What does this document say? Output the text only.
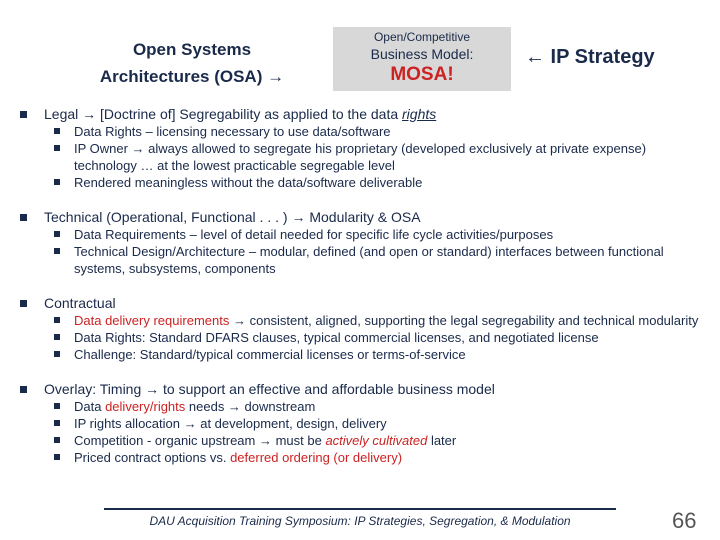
Open Systems
Architectures (OSA) →
Open/Competitive
Business Model:
MOSA!
← IP Strategy
Legal → [Doctrine of] Segregability as applied to the data rights
Data Rights – licensing necessary to use data/software
IP Owner → always allowed to segregate his proprietary (developed exclusively at private expense) technology … at the lowest practicable segregable level
Rendered meaningless without the data/software deliverable
Technical (Operational, Functional . . . ) → Modularity & OSA
Data Requirements – level of detail needed for specific life cycle activities/purposes
Technical Design/Architecture – modular, defined (and open or standard) interfaces between functional systems, subsystems, components
Contractual
Data delivery requirements → consistent, aligned, supporting the legal segregability and technical modularity
Data Rights: Standard DFARS clauses, typical commercial licenses, and negotiated license
Challenge: Standard/typical commercial licenses or terms-of-service
Overlay: Timing → to support an effective and affordable business model
Data delivery/rights needs → downstream
IP rights allocation → at development, design, delivery
Competition - organic upstream → must be actively cultivated later
Priced contract options vs. deferred ordering (or delivery)
DAU Acquisition Training Symposium: IP Strategies, Segregation, & Modulation	66
